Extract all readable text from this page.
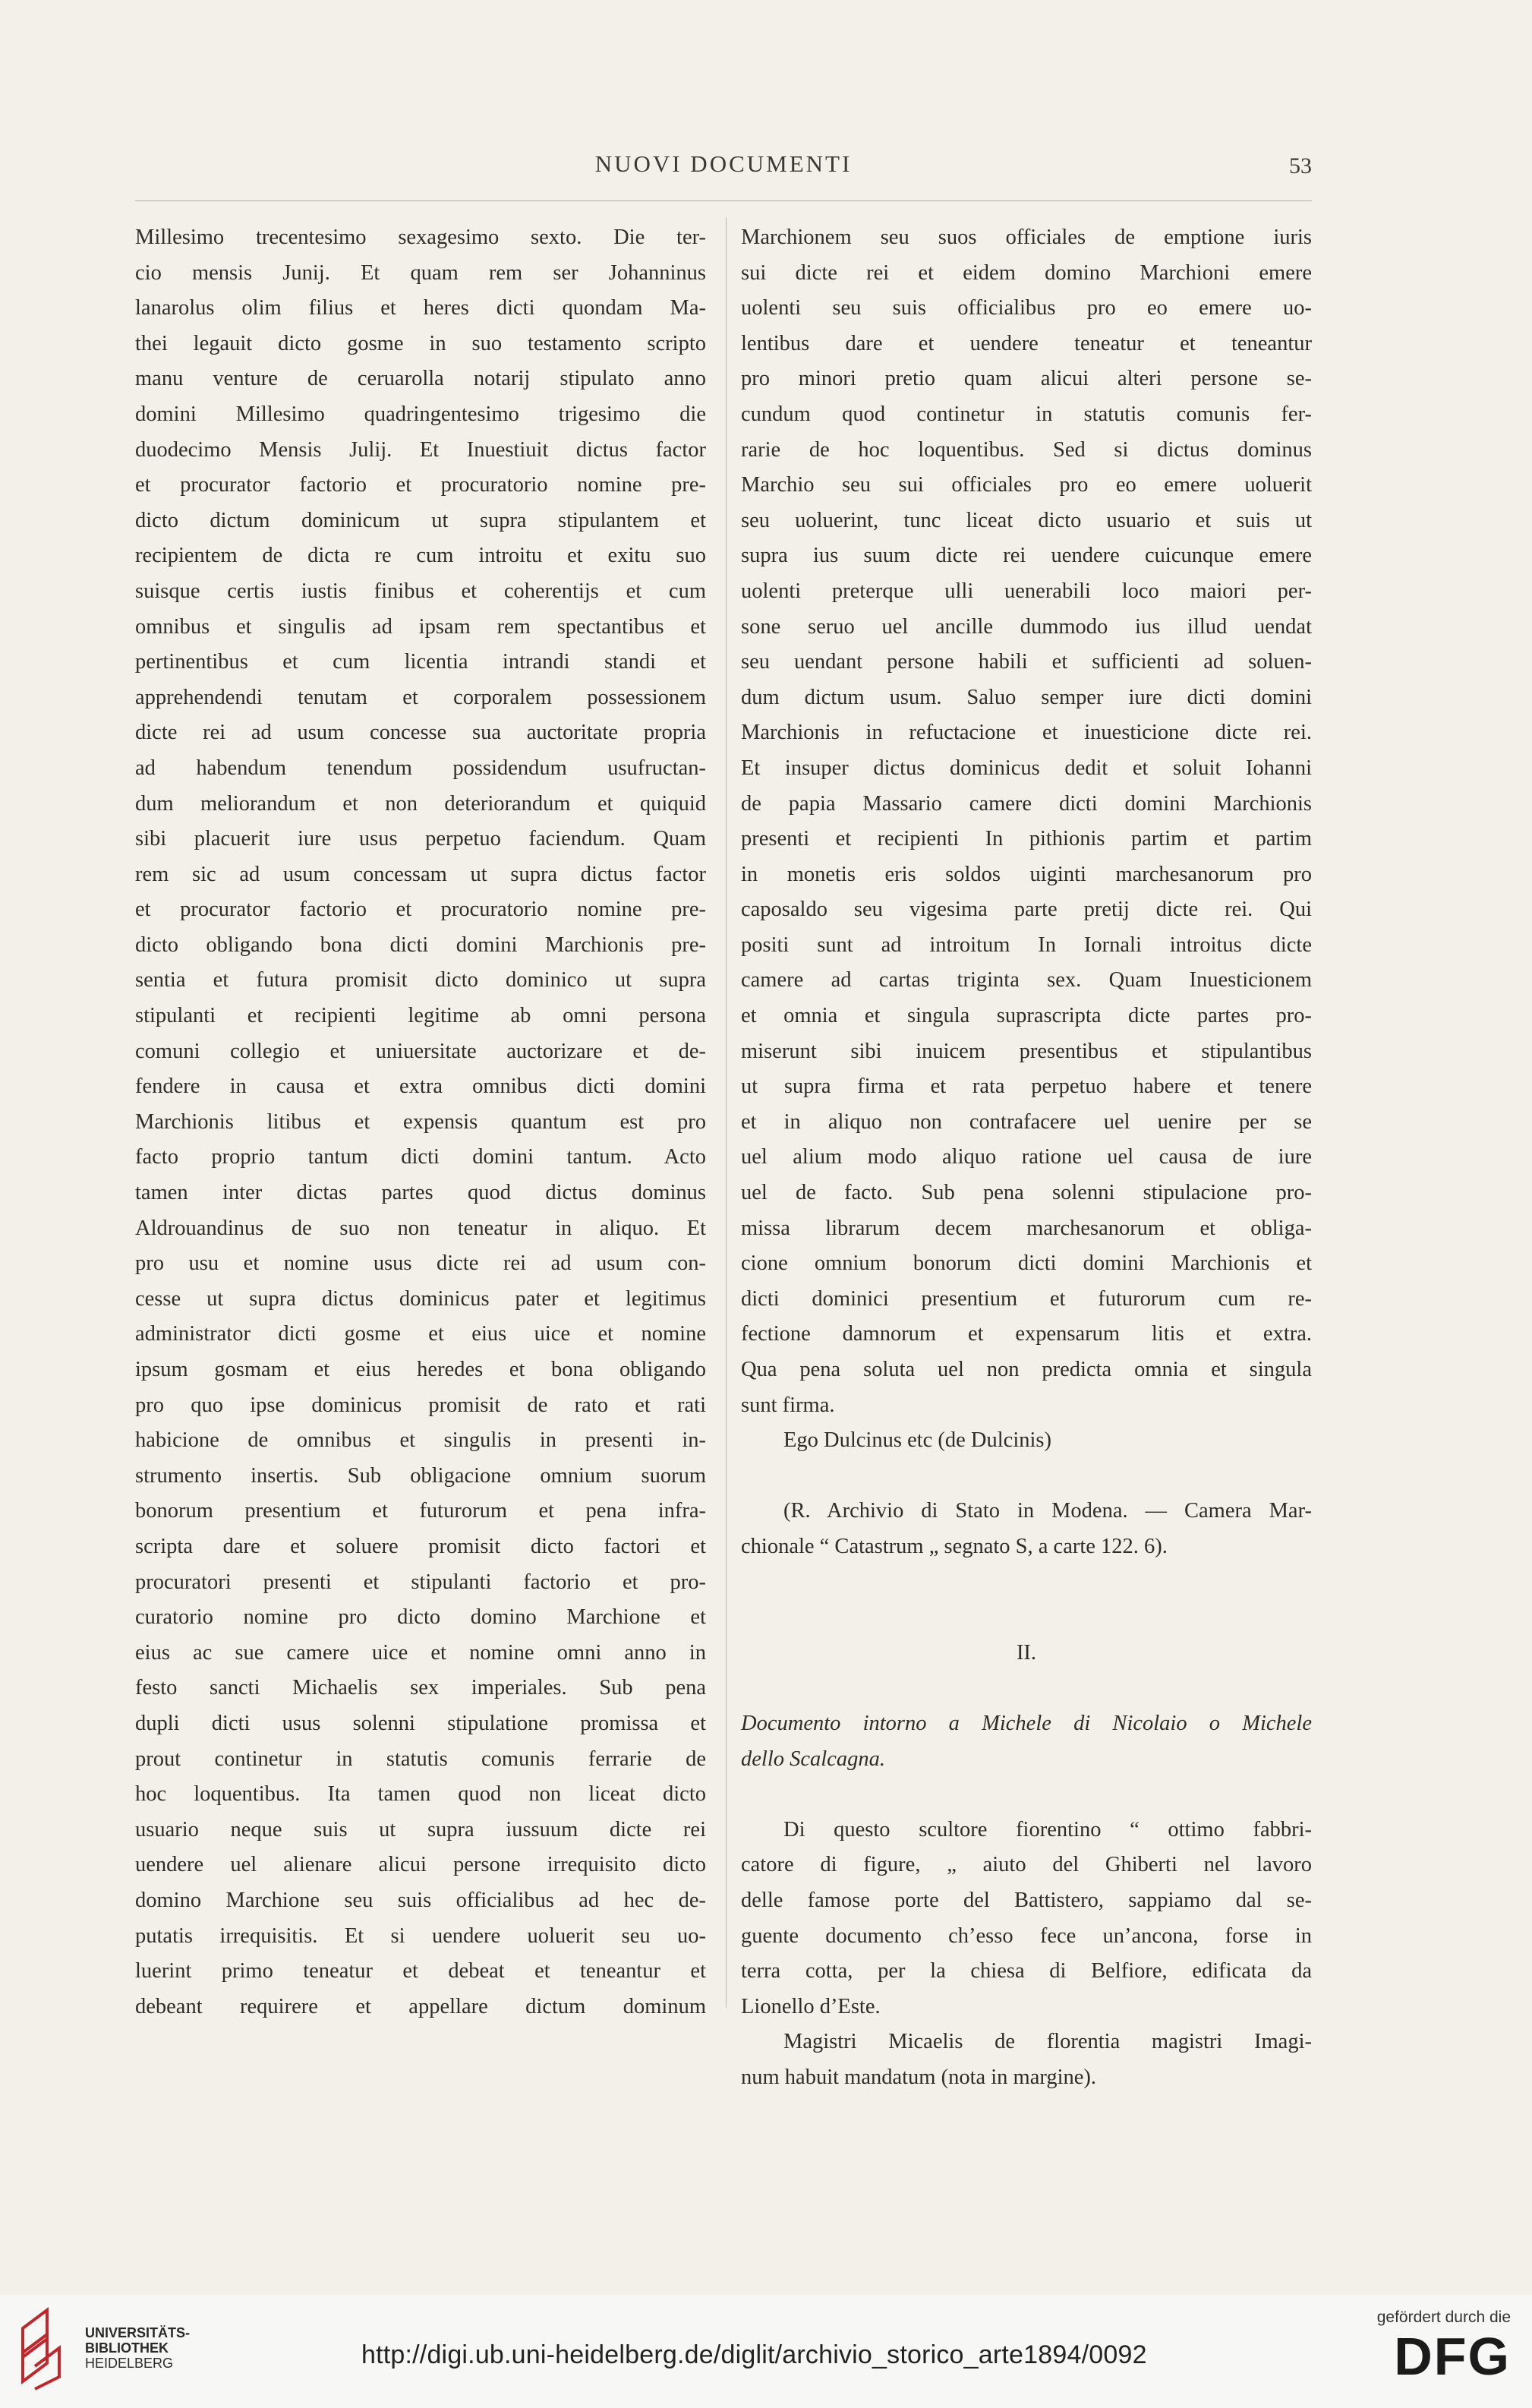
NUOVI DOCUMENTI	53
Millesimo trecentesimo sexagesimo sexto. Die ter-
cio mensis Junij. Et quam rem ser Johanninus
lanarolus olim filius et heres dicti quondam Ma-
thei legauit dicto gosme in suo testamento scripto
manu venture de ceruarolla notarij stipulato anno
domini Millesimo quadringentesimo trigesimo die
duodecimo Mensis Julij. Et Inuestiuit dictus factor
et procurator factorio et procuratorio nomine pre-
dicto dictum dominicum ut supra stipulantem et
recipientem de dicta re cum introitu et exitu suo
suisque certis iustis finibus et coherentijs et cum
omnibus et singulis ad ipsam rem spectantibus et
pertinentibus et cum licentia intrandi standi et
apprehendendi tenutam et corporalem possessionem
dicte rei ad usum concesse sua auctoritate propria
ad habendum tenendum possidendum usufructan-
dum meliorandum et non deteriorandum et quiquid
sibi placuerit iure usus perpetuo faciendum. Quam
rem sic ad usum concessam ut supra dictus factor
et procurator factorio et procuratorio nomine pre-
dicto obligando bona dicti domini Marchionis pre-
sentia et futura promisit dicto dominico ut supra
stipulanti et recipienti legitime ab omni persona
comuni collegio et uniuersitate auctorizare et de-
fendere in causa et extra omnibus dicti domini
Marchionis litibus et expensis quantum est pro
facto proprio tantum dicti domini tantum. Acto
tamen inter dictas partes quod dictus dominus
Aldrouandinus de suo non teneatur in aliquo. Et
pro usu et nomine usus dicte rei ad usum con-
cesse ut supra dictus dominicus pater et legitimus
administrator dicti gosme et eius uice et nomine
ipsum gosmam et eius heredes et bona obligando
pro quo ipse dominicus promisit de rato et rati
habicione de omnibus et singulis in presenti in-
strumento insertis. Sub obligacione omnium suorum
bonorum presentium et futurorum et pena infra-
scripta dare et soluere promisit dicto factori et
procuratori presenti et stipulanti factorio et pro-
curatorio nomine pro dicto domino Marchione et
eius ac sue camere uice et nomine omni anno in
festo sancti Michaelis sex imperiales. Sub pena
dupli dicti usus solenni stipulatione promissa et
prout continetur in statutis comunis ferrarie de
hoc loquentibus. Ita tamen quod non liceat dicto
usuario neque suis ut supra iussuum dicte rei
uendere uel alienare alicui persone irrequisito dicto
domino Marchione seu suis officialibus ad hec de-
putatis irrequisitis. Et si uendere uoluerit seu uo-
luerint primo teneatur et debeat et teneantur et
debeant requirere et appellare dictum dominum
Marchionem seu suos officiales de emptione iuris
sui dicte rei et eidem domino Marchioni emere
uolenti seu suis officialibus pro eo emere uo-
lentibus dare et uendere teneatur et teneantur
pro minori pretio quam alicui alteri persone se-
cundum quod continetur in statutis comunis fer-
rarie de hoc loquentibus. Sed si dictus dominus
Marchio seu sui officiales pro eo emere uoluerit
seu uoluerint, tunc liceat dicto usuario et suis ut
supra ius suum dicte rei uendere cuicunque emere
uolenti preterque ulli uenerabili loco maiori per-
sone seruo uel ancille dummodo ius illud uendat
seu uendant persone habili et sufficienti ad soluen-
dum dictum usum. Saluo semper iure dicti domini
Marchionis in refuctacione et inuesticione dicte rei.
Et insuper dictus dominicus dedit et soluit Iohanni
de papia Massario camere dicti domini Marchionis
presenti et recipienti In pithionis partim et partim
in monetis eris soldos uiginti marchesanorum pro
caposaldo seu vigesima parte pretij dicte rei. Qui
positi sunt ad introitum In Iornali introitus dicte
camere ad cartas triginta sex. Quam Inuesticionem
et omnia et singula suprascripta dicte partes pro-
miserunt sibi inuicem presentibus et stipulantibus
ut supra firma et rata perpetuo habere et tenere
et in aliquo non contrafacere uel uenire per se
uel alium modo aliquo ratione uel causa de iure
uel de facto. Sub pena solenni stipulacione pro-
missa librarum decem marchesanorum et obliga-
cione omnium bonorum dicti domini Marchionis et
dicti dominici presentium et futurorum cum re-
fectione damnorum et expensarum litis et extra.
Qua pena soluta uel non predicta omnia et singula
sunt firma.
Ego Dulcinus etc (de Dulcinis)
(R. Archivio di Stato in Modena. — Camera Mar-
chionale “ Catastrum „ segnato S, a carte 122. 6).
II.
Documento intorno a Michele di Nicolaio o Michele
dello Scalcagna.
Di questo scultore fiorentino “ ottimo fabbri-
catore di figure, „ aiuto del Ghiberti nel lavoro
delle famose porte del Battistero, sappiamo dal se-
guente documento ch’esso fece un’ancona, forse in
terra cotta, per la chiesa di Belfiore, edificata da
Lionello d’Este.
Magistri Micaelis de florentia magistri Imagi-
num habuit mandatum (nota in margine).
UNIVERSITÄTS-
BIBLIOTHEK
HEIDELBERG	http://digi.ub.uni-heidelberg.de/diglit/archivio_storico_arte1894/0092
gefördert durch die
DFG
